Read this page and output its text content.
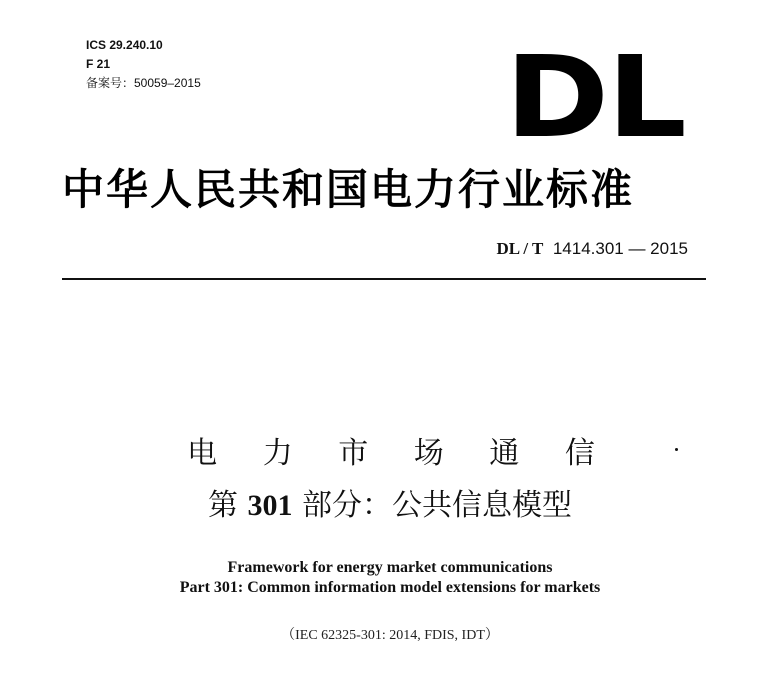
ICS 29.240.10
F 21
备案号：50059–2015	DL
中华人民共和国电力行业标准
DL / T 1414.301 — 2015
电 力 市 场 通 信
第 301 部分：公共信息模型
Framework for energy market communications
Part 301: Common information model extensions for markets
（IEC 62325-301: 2014, FDIS, IDT）
